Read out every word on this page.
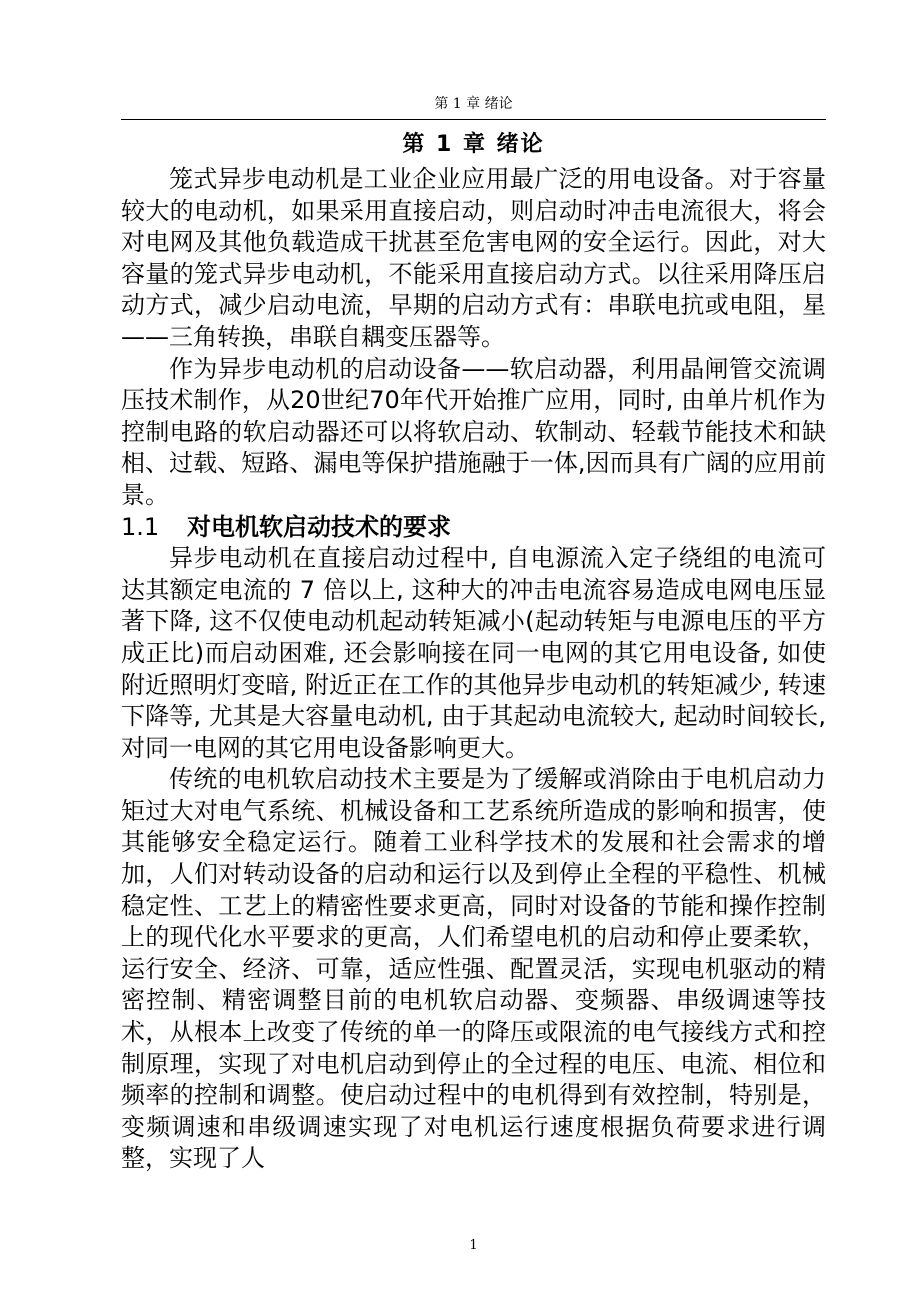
第 1 章 绪论
第 1 章 绪论

笼式异步电动机是工业企业应用最广泛的用电设备。对于容量较大的电动机，如果采用直接启动，则启动时冲击电流很大，将会对电网及其他负载造成干扰甚至危害电网的安全运行。因此，对大容量的笼式异步电动机，不能采用直接启动方式。以往采用降压启动方式，减少启动电流，早期的启动方式有：串联电抗或电阻，星——三角转换，串联自耦变压器等。

作为异步电动机的启动设备——软启动器，利用晶闸管交流调压技术制作，从20世纪70年代开始推广应用，同时, 由单片机作为控制电路的软启动器还可以将软启动、软制动、轻载节能技术和缺相、过载、短路、漏电等保护措施融于一体,因而具有广阔的应用前景。

1.1 对电机软启动技术的要求

异步电动机在直接启动过程中, 自电源流入定子绕组的电流可达其额定电流的 7 倍以上, 这种大的冲击电流容易造成电网电压显著下降, 这不仅使电动机起动转矩减小(起动转矩与电源电压的平方成正比)而启动困难, 还会影响接在同一电网的其它用电设备, 如使附近照明灯变暗, 附近正在工作的其他异步电动机的转矩减少, 转速下降等, 尤其是大容量电动机, 由于其起动电流较大, 起动时间较长, 对同一电网的其它用电设备影响更大。

传统的电机软启动技术主要是为了缓解或消除由于电机启动力矩过大对电气系统、机械设备和工艺系统所造成的影响和损害，使其能够安全稳定运行。随着工业科学技术的发展和社会需求的增加，人们对转动设备的启动和运行以及到停止全程的平稳性、机械稳定性、工艺上的精密性要求更高，同时对设备的节能和操作控制上的现代化水平要求的更高，人们希望电机的启动和停止要柔软，运行安全、经济、可靠，适应性强、配置灵活，实现电机驱动的精密控制、精密调整目前的电机软启动器、变频器、串级调速等技术，从根本上改变了传统的单一的降压或限流的电气接线方式和控制原理，实现了对电机启动到停止的全过程的电压、电流、相位和频率的控制和调整。使启动过程中的电机得到有效控制，特别是，变频调速和串级调速实现了对电机运行速度根据负荷要求进行调整，实现了人

1
